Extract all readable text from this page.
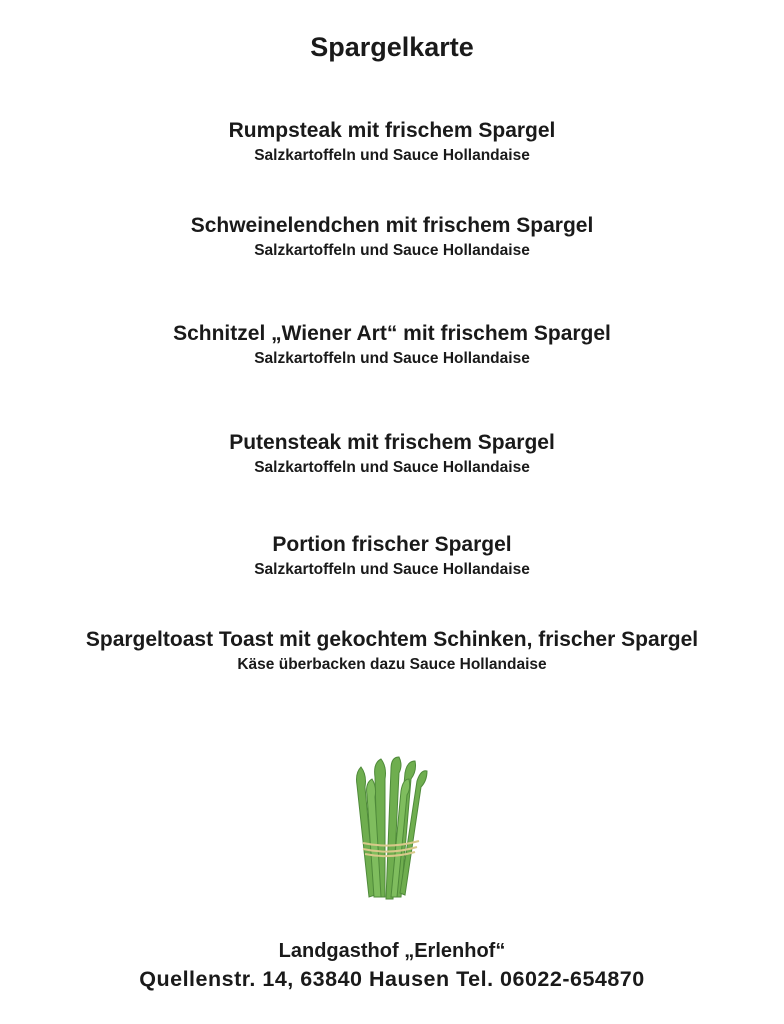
Spargelkarte
Rumpsteak mit frischem Spargel
Salzkartoffeln und Sauce Hollandaise
Schweinelendchen mit frischem Spargel
Salzkartoffeln und Sauce Hollandaise
Schnitzel „Wiener Art“ mit frischem Spargel
Salzkartoffeln und Sauce Hollandaise
Putensteak mit frischem Spargel
Salzkartoffeln und Sauce Hollandaise
Portion frischer Spargel
Salzkartoffeln und Sauce Hollandaise
Spargeltoast Toast mit gekochtem Schinken, frischer Spargel
Käse überbacken dazu Sauce Hollandaise
Landgasthof „Erlenhof“
Quellenstr. 14, 63840 Hausen Tel. 06022-654870
